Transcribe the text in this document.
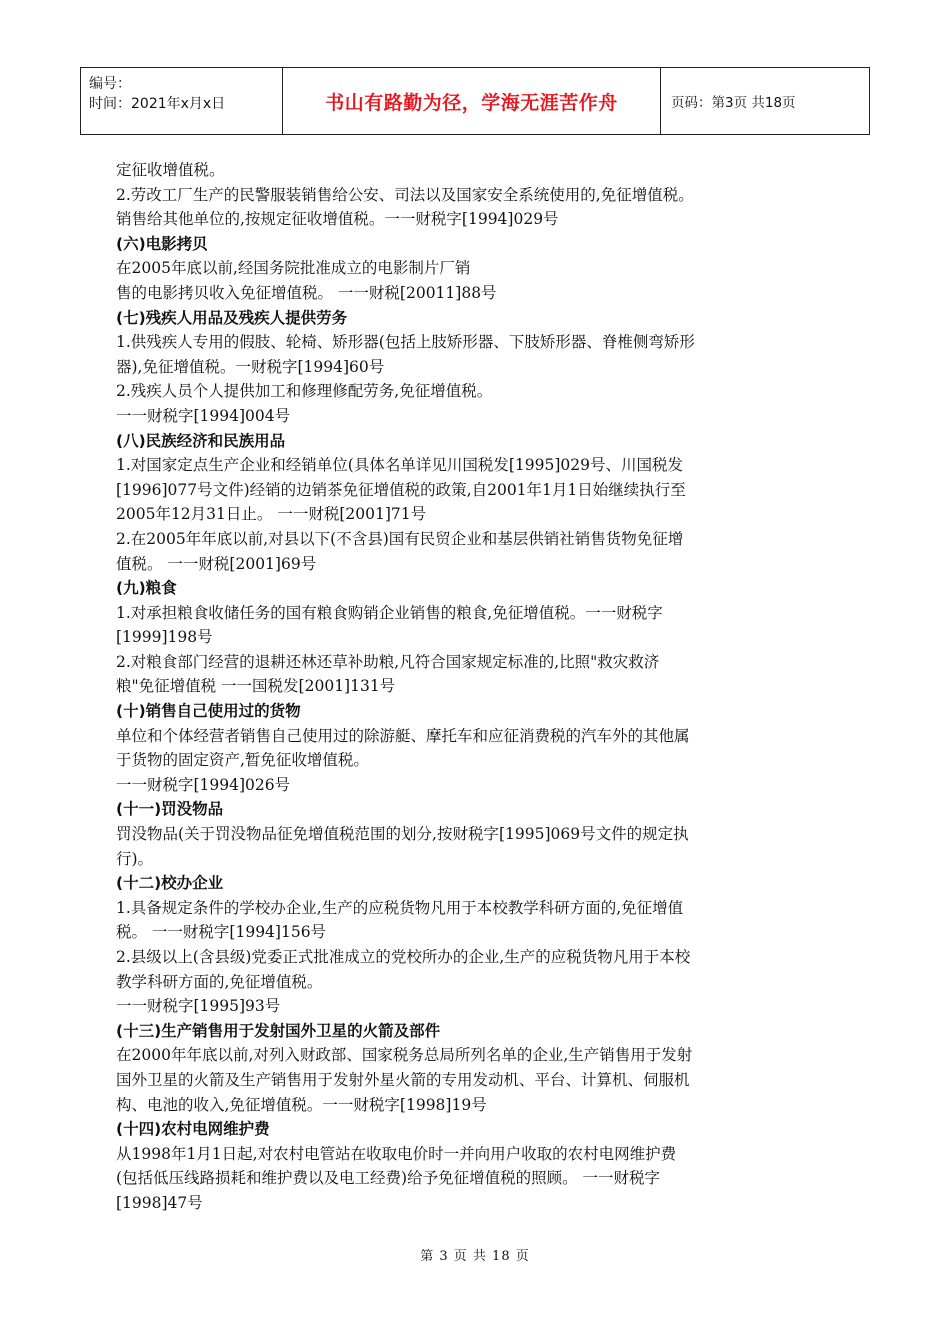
编号：
时间：2021年x月x日	书山有路勤为径，学海无涯苦作舟	页码：第3页 共18页

定征收增值税。

2.劳改工厂生产的民警服装销售给公安、司法以及国家安全系统使用的,免征增值税。

销售给其他单位的,按规定征收增值税。一一财税字[1994]029号

(六)电影拷贝

在2005年底以前,经国务院批准成立的电影制片厂销

售的电影拷贝收入免征增值税。 一一财税[20011]88号

(七)残疾人用品及残疾人提供劳务

1.供残疾人专用的假肢、轮椅、矫形器(包括上肢矫形器、下肢矫形器、脊椎侧弯矫形

器),免征增值税。一财税字[1994]60号

2.残疾人员个人提供加工和修理修配劳务,免征增值税。

一一财税字[1994]004号

(八)民族经济和民族用品

1.对国家定点生产企业和经销单位(具体名单详见川国税发[1995]029号、川国税发

[1996]077号文件)经销的边销茶免征增值税的政策,自2001年1月1日始继续执行至

2005年12月31日止。 一一财税[2001]71号

2.在2005年年底以前,对县以下(不含县)国有民贸企业和基层供销社销售货物免征增

值税。 一一财税[2001]69号

(九)粮食

1.对承担粮食收储任务的国有粮食购销企业销售的粮食,免征增值税。一一财税字

[1999]198号

2.对粮食部门经营的退耕还林还草补助粮,凡符合国家规定标准的,比照"救灾救济

粮"免征增值税 一一国税发[2001]131号

(十)销售自己使用过的货物

单位和个体经营者销售自己使用过的除游艇、摩托车和应征消费税的汽车外的其他属

于货物的固定资产,暂免征收增值税。

一一财税字[1994]026号

(十一)罚没物品

罚没物品(关于罚没物品征免增值税范围的划分,按财税字[1995]069号文件的规定执

行)。

(十二)校办企业

1.具备规定条件的学校办企业,生产的应税货物凡用于本校教学科研方面的,免征增值

税。 一一财税字[1994]156号

2.县级以上(含县级)党委正式批准成立的党校所办的企业,生产的应税货物凡用于本校

教学科研方面的,免征增值税。

一一财税字[1995]93号

(十三)生产销售用于发射国外卫星的火箭及部件

在2000年年底以前,对列入财政部、国家税务总局所列名单的企业,生产销售用于发射

国外卫星的火箭及生产销售用于发射外星火箭的专用发动机、平台、计算机、伺服机

构、电池的收入,免征增值税。一一财税字[1998]19号

(十四)农村电网维护费

从1998年1月1日起,对农村电管站在收取电价时一并向用户收取的农村电网维护费

(包括低压线路损耗和维护费以及电工经费)给予免征增值税的照顾。 一一财税字

[1998]47号

第 3 页 共 18 页
